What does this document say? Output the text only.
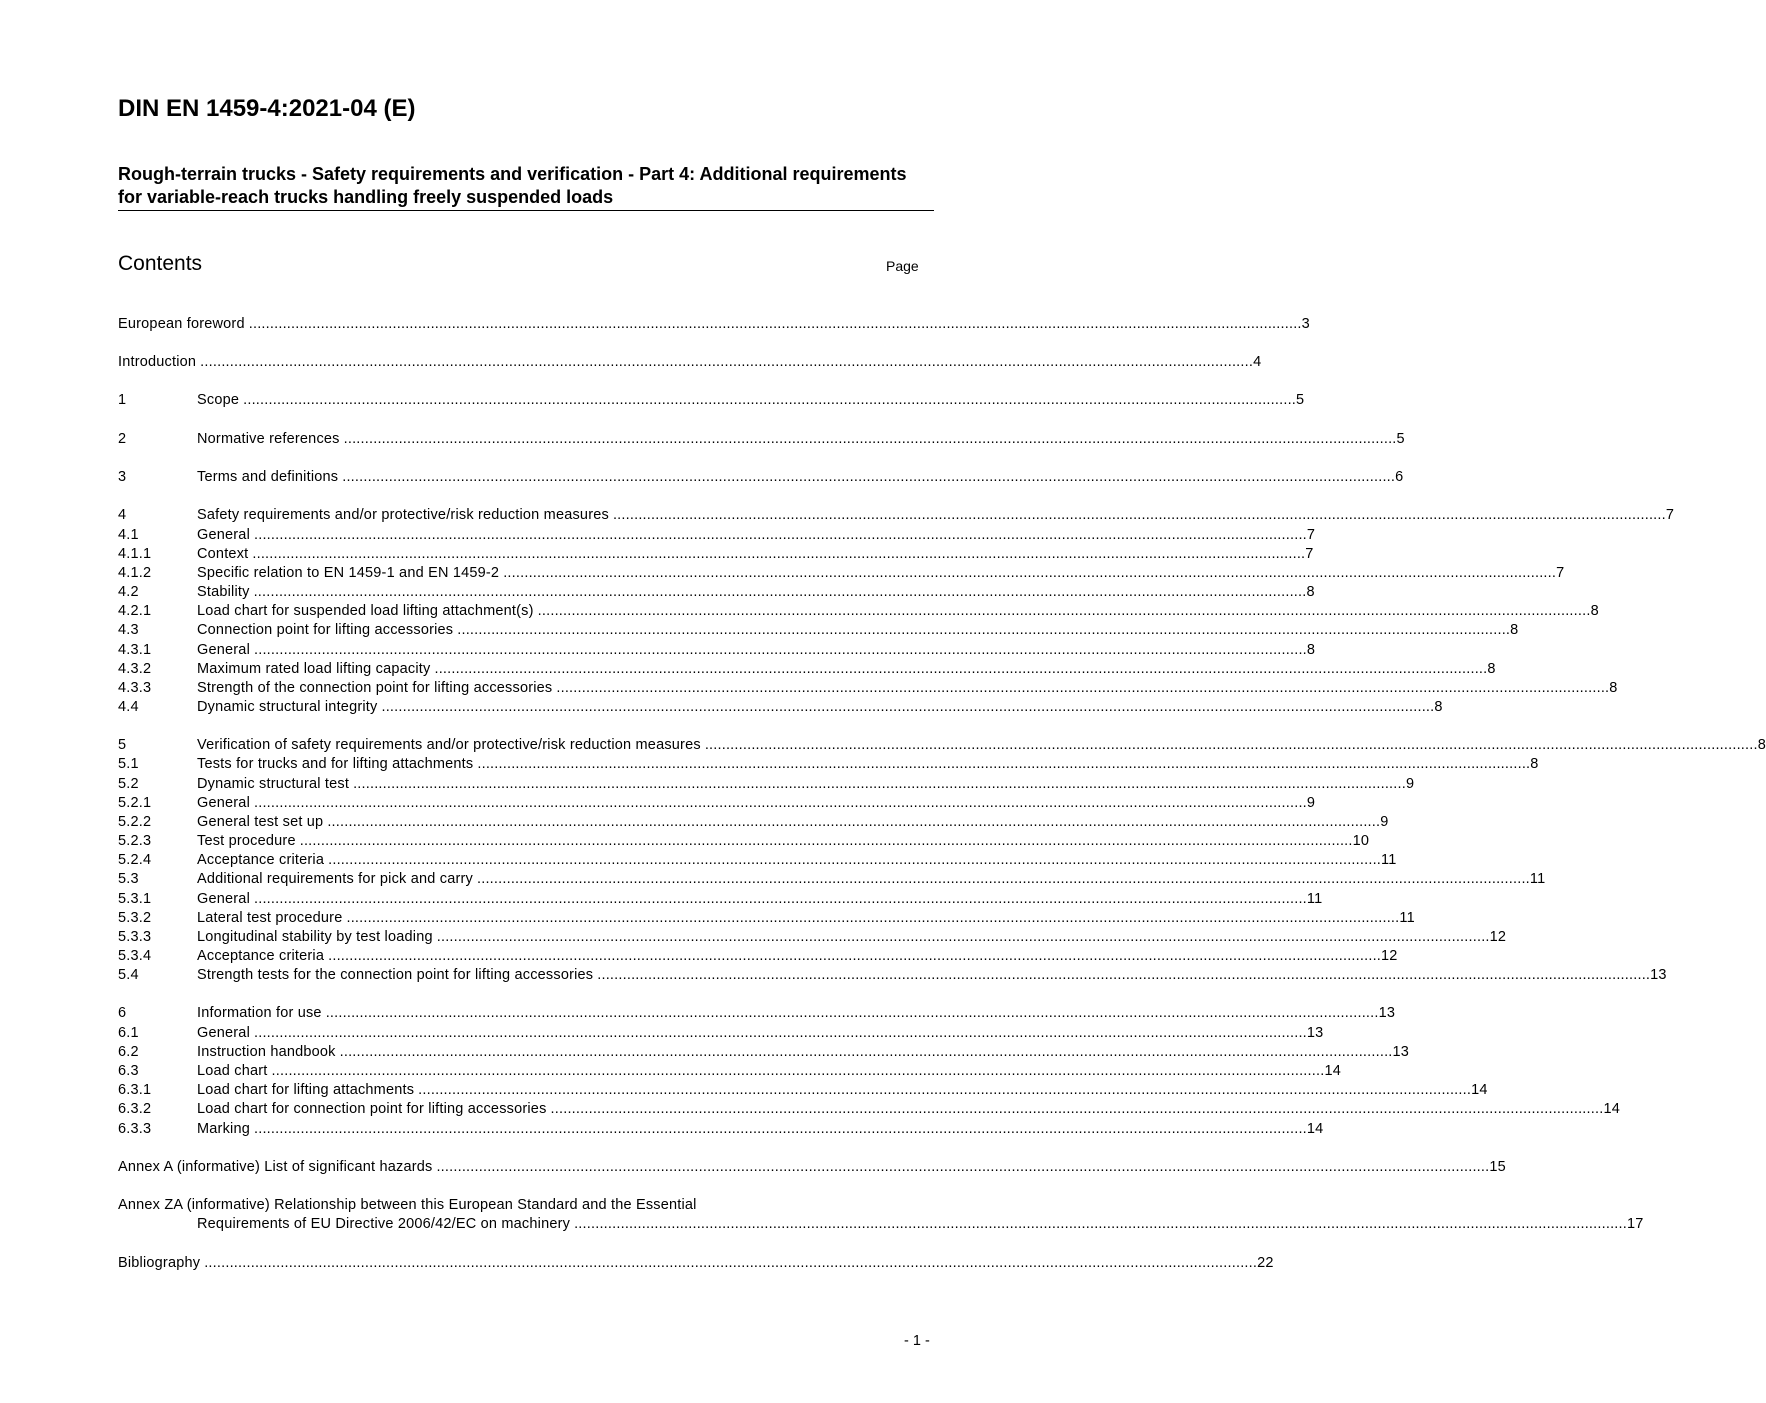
DIN EN 1459-4:2021-04 (E)
Rough-terrain trucks - Safety requirements and verification - Part 4: Additional requirements for variable-reach trucks handling freely suspended loads
Contents	Page
European foreword .....	3
Introduction .....	4
1	Scope .....	5
2	Normative references .....	5
3	Terms and definitions .....	6
4	Safety requirements and/or protective/risk reduction measures .....	7
4.1	General .....	7
4.1.1	Context .....	7
4.1.2	Specific relation to EN 1459-1 and EN 1459-2 .....	7
4.2	Stability .....	8
4.2.1	Load chart for suspended load lifting attachment(s) .....	8
4.3	Connection point for lifting accessories .....	8
4.3.1	General .....	8
4.3.2	Maximum rated load lifting capacity .....	8
4.3.3	Strength of the connection point for lifting accessories .....	8
4.4	Dynamic structural integrity .....	8
5	Verification of safety requirements and/or protective/risk reduction measures .....	8
5.1	Tests for trucks and for lifting attachments .....	8
5.2	Dynamic structural test .....	9
5.2.1	General .....	9
5.2.2	General test set up .....	9
5.2.3	Test procedure .....	10
5.2.4	Acceptance criteria .....	11
5.3	Additional requirements for pick and carry .....	11
5.3.1	General .....	11
5.3.2	Lateral test procedure .....	11
5.3.3	Longitudinal stability by test loading .....	12
5.3.4	Acceptance criteria .....	12
5.4	Strength tests for the connection point for lifting accessories .....	13
6	Information for use .....	13
6.1	General .....	13
6.2	Instruction handbook .....	13
6.3	Load chart .....	14
6.3.1	Load chart for lifting attachments .....	14
6.3.2	Load chart for connection point for lifting accessories .....	14
6.3.3	Marking .....	14
Annex A (informative) List of significant hazards .....	15
Annex ZA (informative) Relationship between this European Standard and the Essential
Requirements of EU Directive 2006/42/EC on machinery .....	17
Bibliography .....	22
- 1 -
